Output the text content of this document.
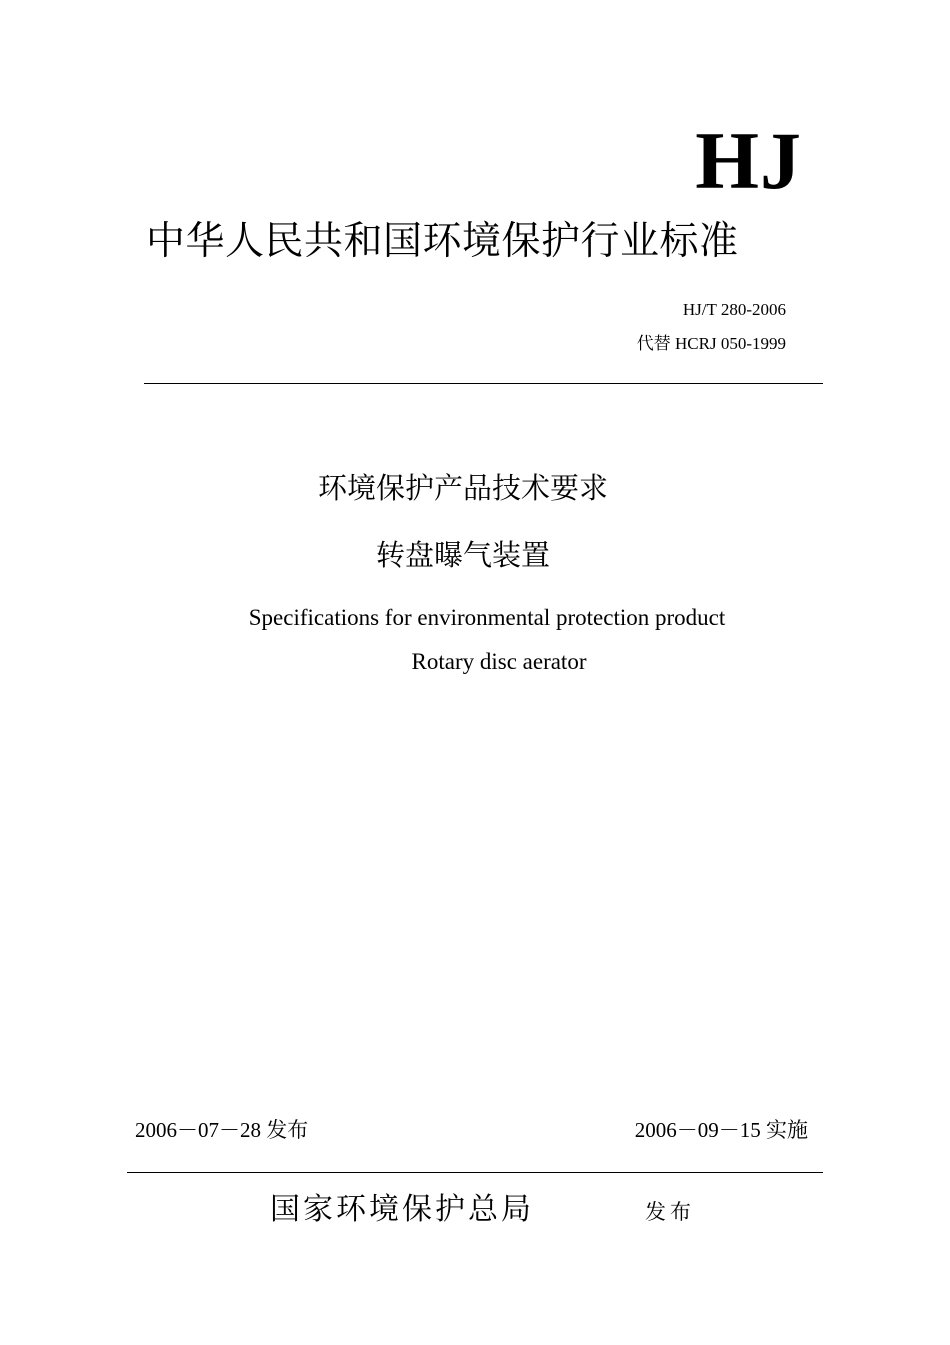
HJ
中华人民共和国环境保护行业标准
HJ/T 280-2006
代替 HCRJ 050-1999
环境保护产品技术要求
转盘曝气装置
Specifications for environmental protection product
Rotary disc aerator
2006－07－28 发布	2006－09－15 实施
国家环境保护总局	发布
